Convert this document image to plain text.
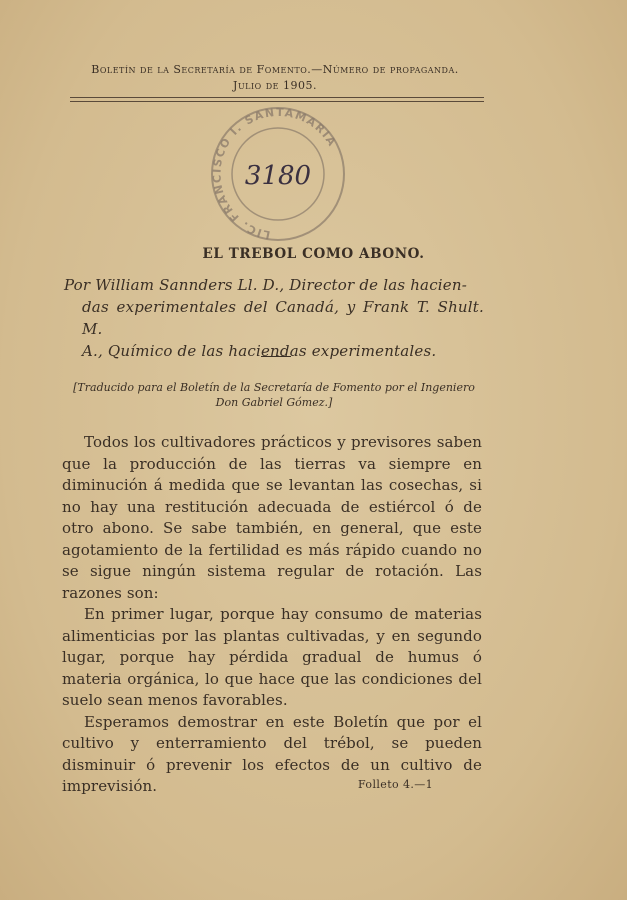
Boletín de la Secretaría de Fomento.—Número de propaganda.
Julio de 1905.
LIC. FRANCISCO I. SANTAMARIA
3180
EL TREBOL COMO ABONO.
Por William Sannders Ll. D., Director de las hacien-
das experimentales del Canadá, y Frank T. Shult. M.
A., Químico de las haciendas experimentales.
[Traducido para el Boletín de la Secretaría de Fomento por el Ingeniero Don Gabriel Gómez.]

Todos los cultivadores prácticos y previsores saben que la producción de las tierras va siempre en diminución á medida que se levantan las cosechas, si no hay una restitución adecuada de estiércol ó de otro abono. Se sabe también, en general, que este agotamiento de la fertilidad es más rápido cuando no se sigue ningún sistema regular de rotación. Las razones son:

En primer lugar, porque hay consumo de materias alimenticias por las plantas cultivadas, y en segundo lugar, porque hay pérdida gradual de humus ó materia orgánica, lo que hace que las condiciones del suelo sean menos favorables.

Esperamos demostrar en este Boletín que por el cultivo y enterramiento del trébol, se pueden disminuir ó prevenir los efectos de un cultivo de imprevisión.	Folleto 4.—1
